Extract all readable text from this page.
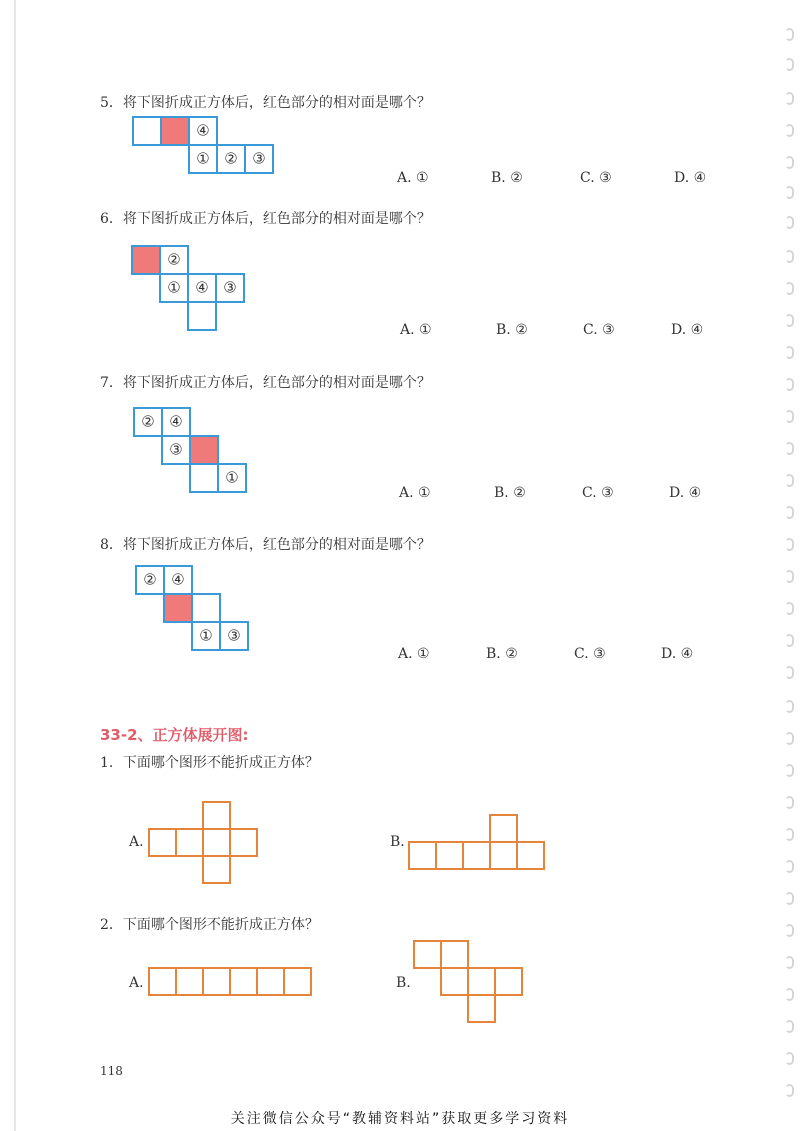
5．将下图折成正方体后，红色部分的相对面是哪个？
④
① ② ③
A. ①	B. ②	C. ③	D. ④
6．将下图折成正方体后，红色部分的相对面是哪个？
②
① ④ ③
A. ①	B. ②	C. ③	D. ④
7．将下图折成正方体后，红色部分的相对面是哪个？
② ④
③
①
A. ①	B. ②	C. ③	D. ④
8．将下图折成正方体后，红色部分的相对面是哪个？
② ④
① ③
A. ①	B. ②	C. ③	D. ④
33-2、正方体展开图:
1．下面哪个图形不能折成正方体？
A.	B.
2．下面哪个图形不能折成正方体？
A.	B.
118
关注微信公众号“教辅资料站”获取更多学习资料
